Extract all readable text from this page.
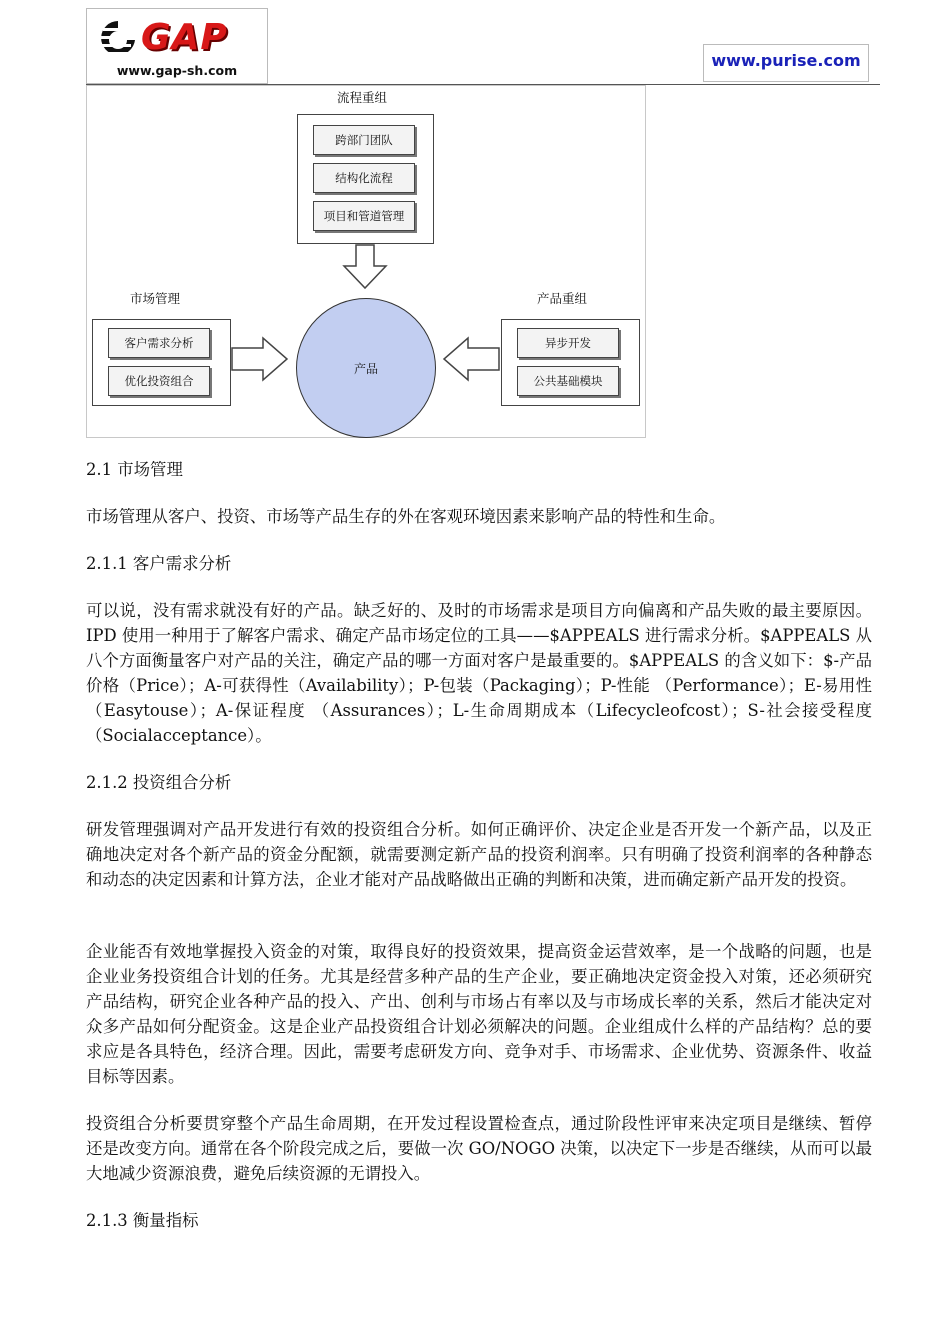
GAP
www.gap-sh.com
www.purise.com
流程重组
跨部门团队
结构化流程
项目和管道管理
市场管理
客户需求分析
优化投资组合
产品
产品重组
异步开发
公共基础模块

2.1 市场管理

市场管理从客户、投资、市场等产品生存的外在客观环境因素来影响产品的特性和生命。

2.1.1 客户需求分析

可以说，没有需求就没有好的产品。缺乏好的、及时的市场需求是项目方向偏离和产品失败的最主要原因。IPD 使用一种用于了解客户需求、确定产品市场定位的工具——$APPEALS 进行需求分析。$APPEALS 从八个方面衡量客户对产品的关注，确定产品的哪一方面对客户是最重要的。$APPEALS 的含义如下：$-产品价格（Price）；A-可获得性（Availability）；P-包装（Packaging）；P-性能 （Performance）；E-易用性 （Easytouse）；A-保证程度 （Assurances）；L-生命周期成本（Lifecycleofcost）；S-社会接受程度（Socialacceptance）。

2.1.2 投资组合分析

研发管理强调对产品开发进行有效的投资组合分析。如何正确评价、决定企业是否开发一个新产品，以及正确地决定对各个新产品的资金分配额，就需要测定新产品的投资利润率。只有明确了投资利润率的各种静态和动态的决定因素和计算方法，企业才能对产品战略做出正确的判断和决策，进而确定新产品开发的投资。

企业能否有效地掌握投入资金的对策，取得良好的投资效果，提高资金运营效率，是一个战略的问题，也是企业业务投资组合计划的任务。尤其是经营多种产品的生产企业，要正确地决定资金投入对策，还必须研究产品结构，研究企业各种产品的投入、产出、创利与市场占有率以及与市场成长率的关系，然后才能决定对众多产品如何分配资金。这是企业产品投资组合计划必须解决的问题。企业组成什么样的产品结构？总的要求应是各具特色，经济合理。因此，需要考虑研发方向、竞争对手、市场需求、企业优势、资源条件、收益目标等因素。

投资组合分析要贯穿整个产品生命周期，在开发过程设置检查点，通过阶段性评审来决定项目是继续、暂停还是改变方向。通常在各个阶段完成之后，要做一次 GO/NOGO 决策，以决定下一步是否继续，从而可以最大地减少资源浪费，避免后续资源的无谓投入。

2.1.3 衡量指标
